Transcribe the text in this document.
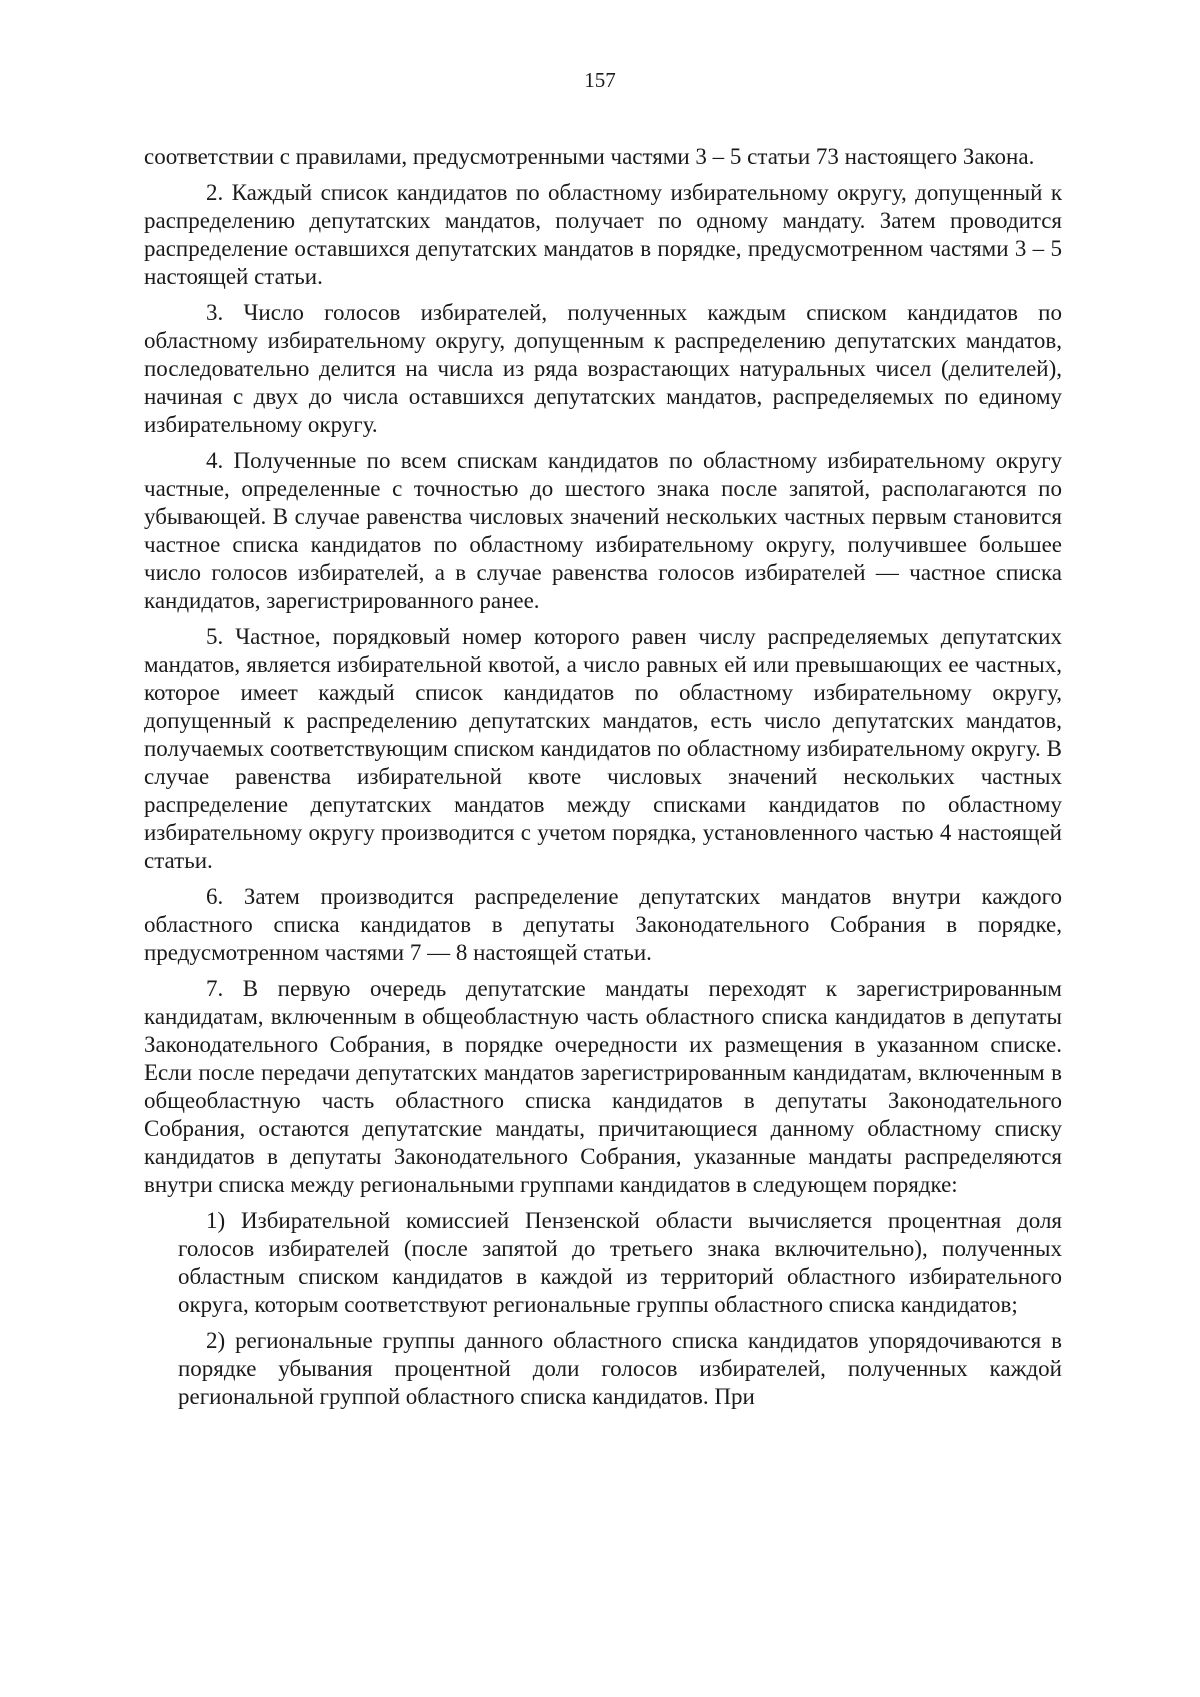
157

соответствии с правилами, предусмотренными частями 3 – 5 статьи 73 настоящего Закона.

2. Каждый список кандидатов по областному избирательному округу, допущенный к распределению депутатских мандатов, получает по одному мандату. Затем проводится распределение оставшихся депутатских мандатов в порядке, предусмотренном частями 3 – 5 настоящей статьи.

3. Число голосов избирателей, полученных каждым списком кандидатов по областному избирательному округу, допущенным к распределению депутатских мандатов, последовательно делится на числа из ряда возрастающих натуральных чисел (делителей), начиная с двух до числа оставшихся депутатских мандатов, распределяемых по единому избирательному округу.

4. Полученные по всем спискам кандидатов по областному избирательному округу частные, определенные с точностью до шестого знака после запятой, располагаются по убывающей. В случае равенства числовых значений нескольких частных первым становится частное списка кандидатов по областному избирательному округу, получившее большее число голосов избирателей, а в случае равенства голосов избирателей — частное списка кандидатов, зарегистрированного ранее.

5. Частное, порядковый номер которого равен числу распределяемых депутатских мандатов, является избирательной квотой, а число равных ей или превышающих ее частных, которое имеет каждый список кандидатов по областному избирательному округу, допущенный к распределению депутатских мандатов, есть число депутатских мандатов, получаемых соответствующим списком кандидатов по областному избирательному округу. В случае равенства избирательной квоте числовых значений нескольких частных распределение депутатских мандатов между списками кандидатов по областному избирательному округу производится с учетом порядка, установленного частью 4 настоящей статьи.

6. Затем производится распределение депутатских мандатов внутри каждого областного списка кандидатов в депутаты Законодательного Собрания в порядке, предусмотренном частями 7 — 8 настоящей статьи.

7. В первую очередь депутатские мандаты переходят к зарегистрированным кандидатам, включенным в общеобластную часть областного списка кандидатов в депутаты Законодательного Собрания, в порядке очередности их размещения в указанном списке. Если после передачи депутатских мандатов зарегистрированным кандидатам, включенным в общеобластную часть областного списка кандидатов в депутаты Законодательного Собрания, остаются депутатские мандаты, причитающиеся данному областному списку кандидатов в депутаты Законодательного Собрания, указанные мандаты распределяются внутри списка между региональными группами кандидатов в следующем порядке:

1) Избирательной комиссией Пензенской области вычисляется процентная доля голосов избирателей (после запятой до третьего знака включительно), полученных областным списком кандидатов в каждой из территорий областного избирательного округа, которым соответствуют региональные группы областного списка кандидатов;

2) региональные группы данного областного списка кандидатов упорядочиваются в порядке убывания процентной доли голосов избирателей, полученных каждой региональной группой областного списка кандидатов. При
